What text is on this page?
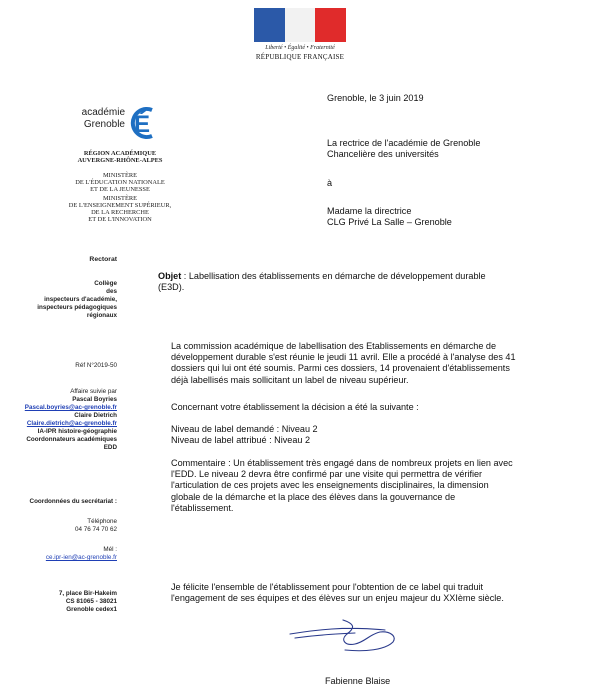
Liberté • Égalité • Fraternité
RÉPUBLIQUE FRANÇAISE
académie
Grenoble É
RÉGION ACADÉMIQUE
AUVERGNE-RHÔNE-ALPES
MINISTÈRE
DE L'ÉDUCATION NATIONALE
ET DE LA JEUNESSE
MINISTÈRE
DE L'ENSEIGNEMENT SUPÉRIEUR,
DE LA RECHERCHE
ET DE L'INNOVATION
Rectorat
Collège
des
inspecteurs d'académie,
inspecteurs pédagogiques
régionaux
Réf N°2019-50
Affaire suivie par
Pascal Boyries
Pascal.boyries@ac-grenoble.fr
Claire Dietrich
Claire.dietrich@ac-grenoble.fr
IA-IPR histoire-géographie
Coordonnateurs académiques
EDD
Coordonnées du secrétariat :
Téléphone
04 76 74 70 62
Mél :
ce.ipr-ien@ac-grenoble.fr
7, place Bir-Hakeim
CS 81065 - 38021
Grenoble cedex1
Grenoble, le 3 juin 2019
La rectrice de l'académie de Grenoble
Chancelière des universités
à
Madame la directrice
CLG Privé La Salle – Grenoble
Objet : Labellisation des établissements en démarche de développement durable
(E3D).
La commission académique de labellisation des Etablissements en démarche de
développement durable s'est réunie le jeudi 11 avril. Elle a procédé à l'analyse des 41
dossiers qui lui ont été soumis. Parmi ces dossiers, 14 provenaient d'établissements
déjà labellisés mais sollicitant un label de niveau supérieur.
Concernant votre établissement la décision a été la suivante :
Niveau de label demandé : Niveau 2
Niveau de label attribué : Niveau 2
Commentaire : Un établissement très engagé dans de nombreux projets en lien avec
l'EDD. Le niveau 2 devra être confirmé par une visite qui permettra de vérifier
l'articulation de ces projets avec les enseignements disciplinaires, la dimension
globale de la démarche et la place des élèves dans la gouvernance de
l'établissement.
Je félicite l'ensemble de l'établissement pour l'obtention de ce label qui traduit
l'engagement de ses équipes et des élèves sur un enjeu majeur du XXIème siècle.
Fabienne Blaise
